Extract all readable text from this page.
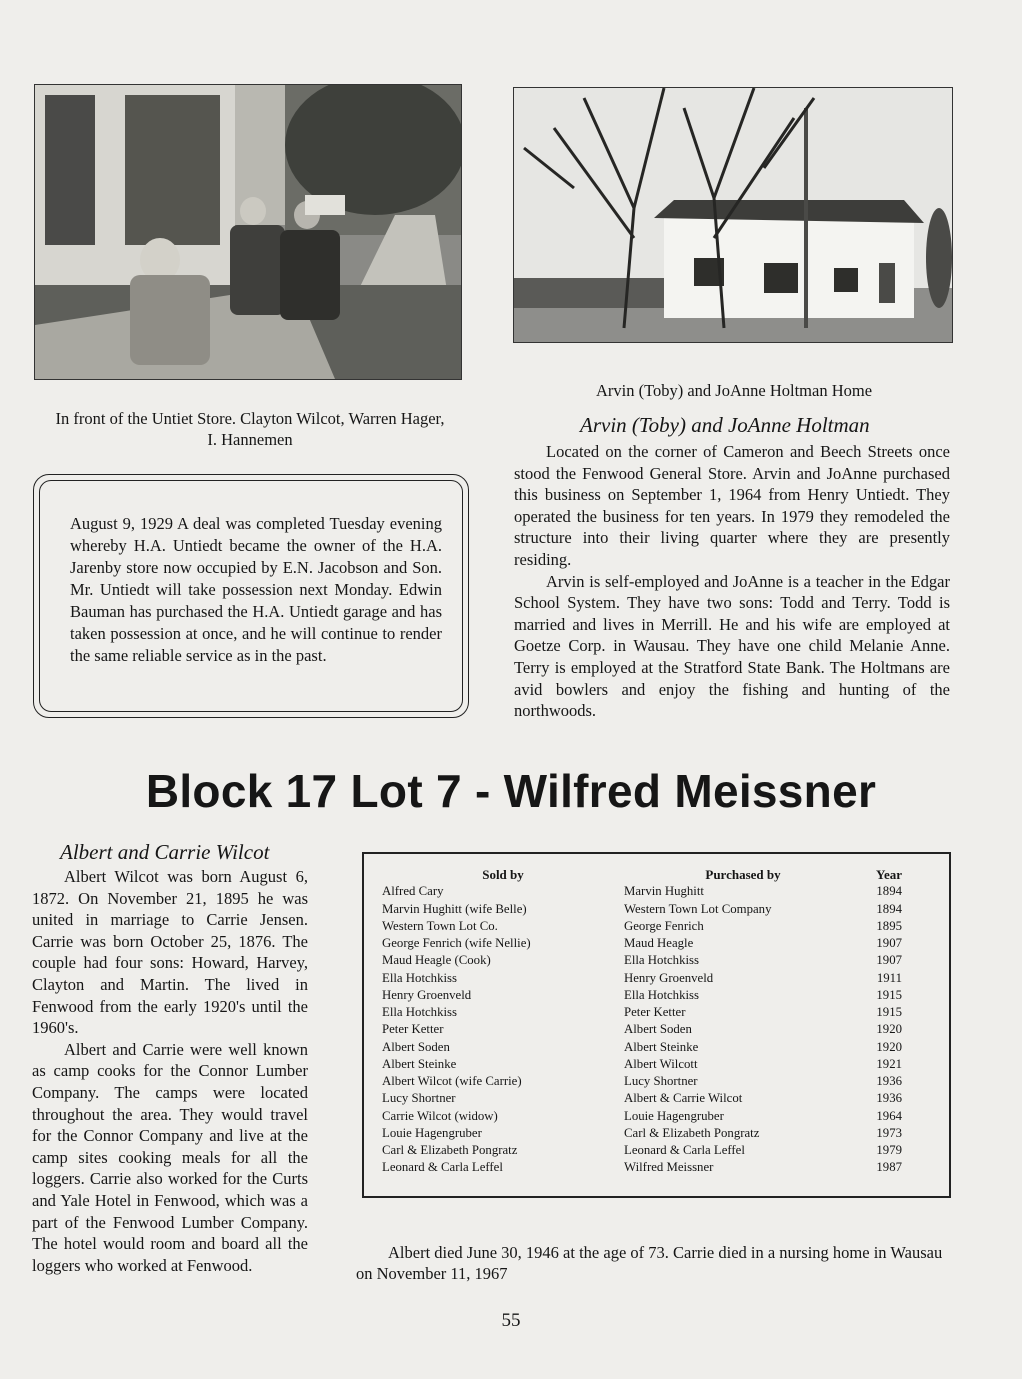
In front of the Untiet Store. Clayton Wilcot, Warren Hager, I. Hannemen
Arvin (Toby) and JoAnne Holtman Home
August 9, 1929 A deal was completed Tuesday evening whereby H.A. Untiedt became the owner of the H.A. Jarenby store now occupied by E.N. Jacobson and Son. Mr. Untiedt will take possession next Monday. Edwin Bauman has purchased the H.A. Untiedt garage and has taken possession at once, and he will continue to render the same reliable service as in the past.
Arvin (Toby) and JoAnne Holtman

Located on the corner of Cameron and Beech Streets once stood the Fenwood General Store. Arvin and JoAnne purchased this business on September 1, 1964 from Henry Untiedt. They operated the business for ten years. In 1979 they remodeled the structure into their living quarter where they are presently residing.

Arvin is self-employed and JoAnne is a teacher in the Edgar School System. They have two sons: Todd and Terry. Todd is married and lives in Merrill. He and his wife are employed at Goetze Corp. in Wausau. They have one child Melanie Anne. Terry is employed at the Stratford State Bank. The Holtmans are avid bowlers and enjoy the fishing and hunting of the northwoods.

Block 17 Lot 7 - Wilfred Meissner
Albert and Carrie Wilcot

Albert Wilcot was born August 6, 1872. On November 21, 1895 he was united in marriage to Carrie Jensen. Carrie was born October 25, 1876. The couple had four sons: Howard, Harvey, Clayton and Martin. The lived in Fenwood from the early 1920's until the 1960's.

Albert and Carrie were well known as camp cooks for the Connor Lumber Company. The camps were located throughout the area. They would travel for the Connor Company and live at the camp sites cooking meals for all the loggers. Carrie also worked for the Curts and Yale Hotel in Fenwood, which was a part of the Fenwood Lumber Company. The hotel would room and board all the loggers who worked at Fenwood.

Sold by	Purchased by	Year
Alfred Cary	Marvin Hughitt	1894
Marvin Hughitt (wife Belle)	Western Town Lot Company	1894
Western Town Lot Co.	George Fenrich	1895
George Fenrich (wife Nellie)	Maud Heagle	1907
Maud Heagle (Cook)	Ella Hotchkiss	1907
Ella Hotchkiss	Henry Groenveld	1911
Henry Groenveld	Ella Hotchkiss	1915
Ella Hotchkiss	Peter Ketter	1915
Peter Ketter	Albert Soden	1920
Albert Soden	Albert Steinke	1920
Albert Steinke	Albert Wilcott	1921
Albert Wilcot (wife Carrie)	Lucy Shortner	1936
Lucy Shortner	Albert & Carrie Wilcot	1936
Carrie Wilcot (widow)	Louie Hagengruber	1964
Louie Hagengruber	Carl & Elizabeth Pongratz	1973
Carl & Elizabeth Pongratz	Leonard & Carla Leffel	1979
Leonard & Carla Leffel	Wilfred Meissner	1987
Albert died June 30, 1946 at the age of 73. Carrie died in a nursing home in Wausau on November 11, 1967
55
